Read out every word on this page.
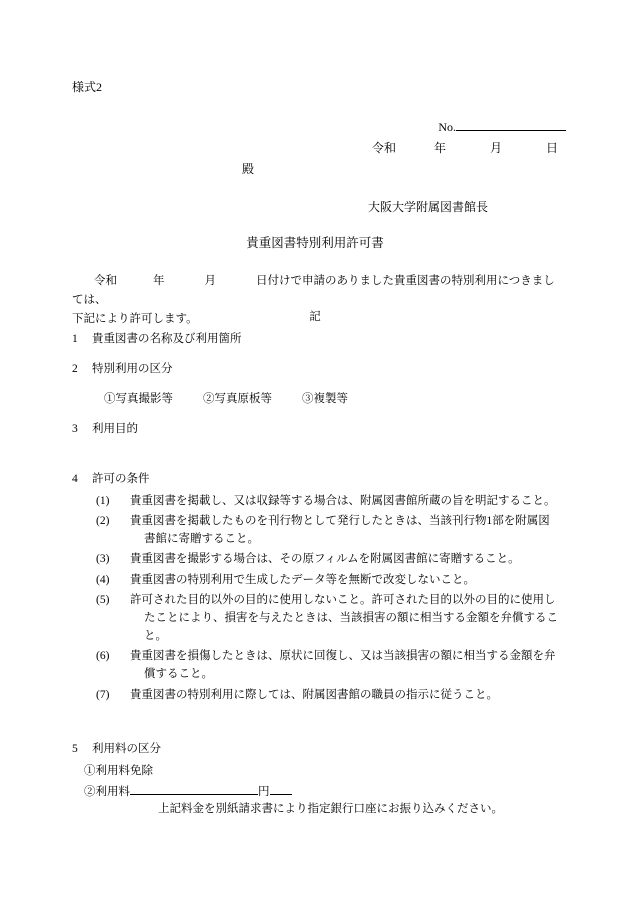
様式2
No.
令和	年	月	日
殿
大阪大学附属図書館長
貴重図書特別利用許可書
令和	年	月	日付けで申請のありました貴重図書の特別利用につきましては、
下記により許可します。	記
1 貴重図書の名称及び利用箇所
2 特別利用の区分
①写真撮影等	②写真原板等	③複製等
3 利用目的
4 許可の条件
(1)	貴重図書を掲載し、又は収録等する場合は、附属図書館所蔵の旨を明記すること。
(2)	貴重図書を掲載したものを刊行物として発行したときは、当該刊行物1部を附属図
書館に寄贈すること。
(3)	貴重図書を撮影する場合は、その原フィルムを附属図書館に寄贈すること。
(4)	貴重図書の特別利用で生成したデータ等を無断で改変しないこと。
(5)	許可された目的以外の目的に使用しないこと。許可された目的以外の目的に使用し
たことにより、損害を与えたときは、当該損害の額に相当する金額を弁償すること。
(6)	貴重図書を損傷したときは、原状に回復し、又は当該損害の額に相当する金額を弁
償すること。
(7)	貴重図書の特別利用に際しては、附属図書館の職員の指示に従うこと。
5 利用料の区分
①利用料免除
②利用料	円
上記料金を別紙請求書により指定銀行口座にお振り込みください。
